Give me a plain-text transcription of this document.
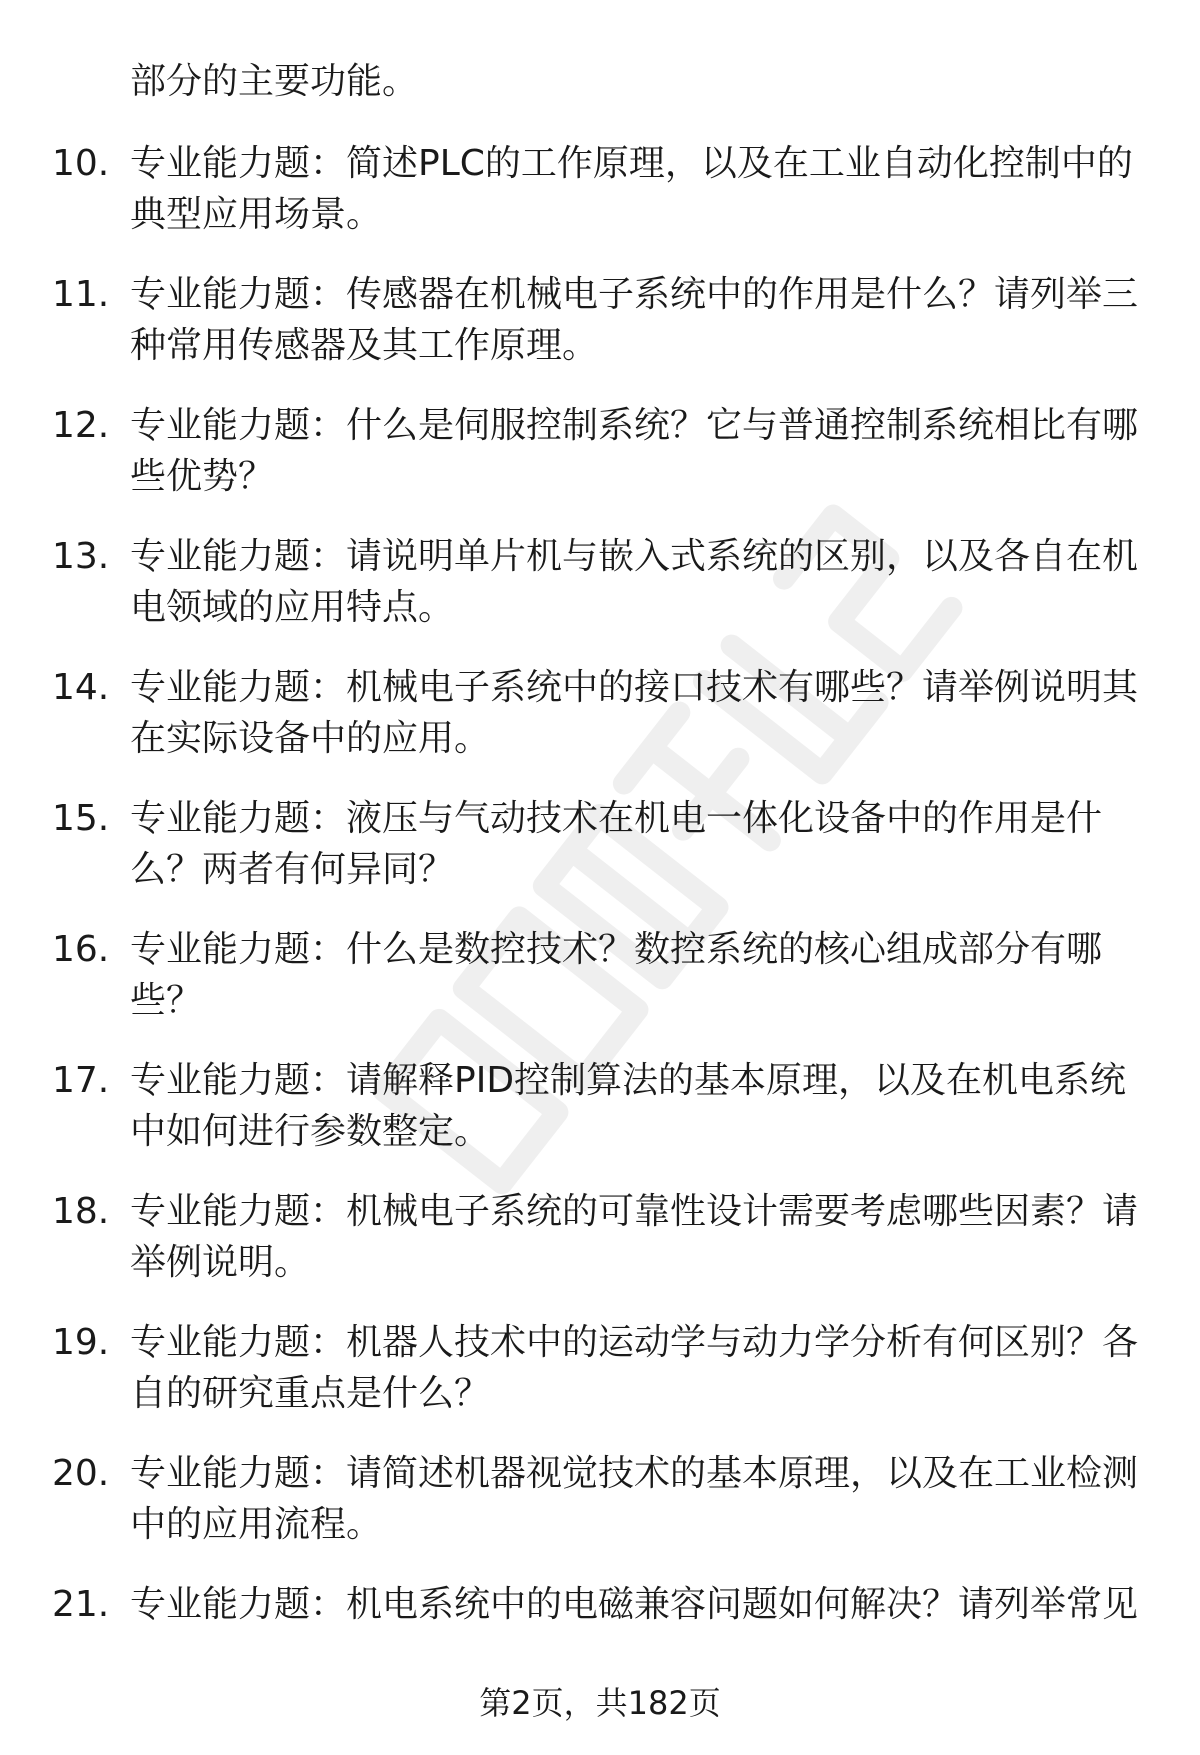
部分的主要功能。
10. 专业能力题：简述PLC的工作原理，以及在工业自动化控制中的
典型应用场景。
11. 专业能力题：传感器在机械电子系统中的作用是什么？请列举三
种常用传感器及其工作原理。
12. 专业能力题：什么是伺服控制系统？它与普通控制系统相比有哪
些优势？
13. 专业能力题：请说明单片机与嵌入式系统的区别，以及各自在机
电领域的应用特点。
14. 专业能力题：机械电子系统中的接口技术有哪些？请举例说明其
在实际设备中的应用。
15. 专业能力题：液压与气动技术在机电一体化设备中的作用是什
么？两者有何异同？
16. 专业能力题：什么是数控技术？数控系统的核心组成部分有哪
些？
17. 专业能力题：请解释PID控制算法的基本原理，以及在机电系统
中如何进行参数整定。
18. 专业能力题：机械电子系统的可靠性设计需要考虑哪些因素？请
举例说明。
19. 专业能力题：机器人技术中的运动学与动力学分析有何区别？各
自的研究重点是什么？
20. 专业能力题：请简述机器视觉技术的基本原理，以及在工业检测
中的应用流程。
21. 专业能力题：机电系统中的电磁兼容问题如何解决？请列举常见
第2页，共182页
